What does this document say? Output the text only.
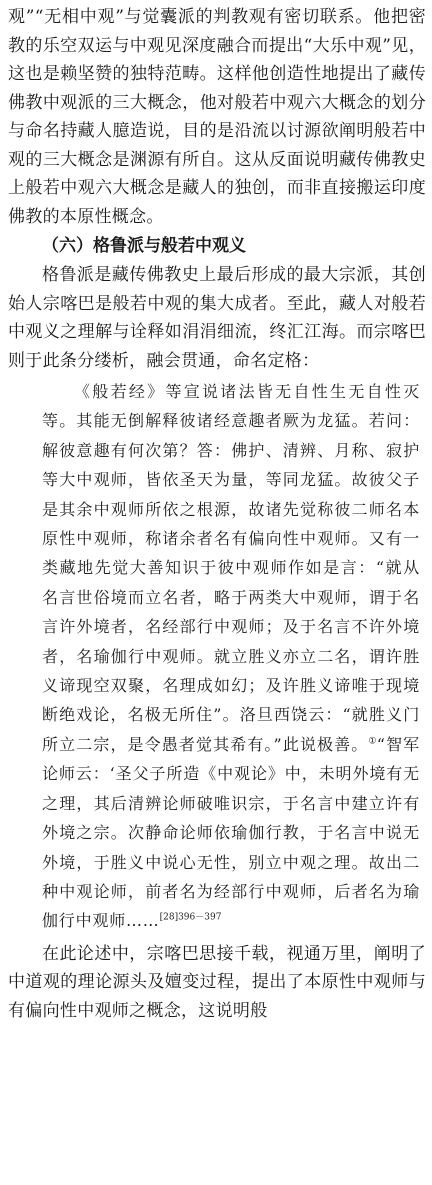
观”“无相中观”与觉囊派的判教观有密切联系。他把密教的乐空双运与中观见深度融合而提出“大乐中观”见，这也是赖坚赞的独特范畴。这样他创造性地提出了藏传佛教中观派的三大概念，他对般若中观六大概念的划分与命名持藏人臆造说，目的是沿流以讨源欲阐明般若中观的三大概念是渊源有所自。这从反面说明藏传佛教史上般若中观六大概念是藏人的独创，而非直接搬运印度佛教的本原性概念。

（六）格鲁派与般若中观义

格鲁派是藏传佛教史上最后形成的最大宗派，其创始人宗喀巴是般若中观的集大成者。至此，藏人对般若中观义之理解与诠释如涓涓细流，终汇江海。而宗喀巴则于此条分缕析，融会贯通，命名定格：

《般若经》等宣说诸法皆无自性生无自性灭等。其能无倒解释彼诸经意趣者厥为龙猛。若问：解彼意趣有何次第？答：佛护、清辨、月称、寂护等大中观师，皆依圣天为量，等同龙猛。故彼父子是其余中观师所依之根源，故诸先觉称彼二师名本原性中观师，称诸余者名有偏向性中观师。又有一类藏地先觉大善知识于彼中观师作如是言：“就从名言世俗境而立名者，略于两类大中观师，谓于名言许外境者，名经部行中观师；及于名言不许外境者，名瑜伽行中观师。就立胜义亦立二名，谓许胜义谛现空双聚，名理成如幻；及许胜义谛唯于现境断绝戏论，名极无所住”。洛旦西饶云：“就胜义门所立二宗，是令愚者觉其希有。”此说极善。①“智军论师云：‘圣父子所造《中观论》中，未明外境有无之理，其后清辨论师破唯识宗，于名言中建立许有外境之宗。次静命论师依瑜伽行教，于名言中说无外境，于胜义中说心无性，别立中观之理。故出二种中观论师，前者名为经部行中观师，后者名为瑜伽行中观师……$^{[28]396-397}$

在此论述中，宗喀巴思接千载，视通万里，阐明了中道观的理论源头及嬗变过程，提出了本原性中观师与有偏向性中观师之概念，这说明般
